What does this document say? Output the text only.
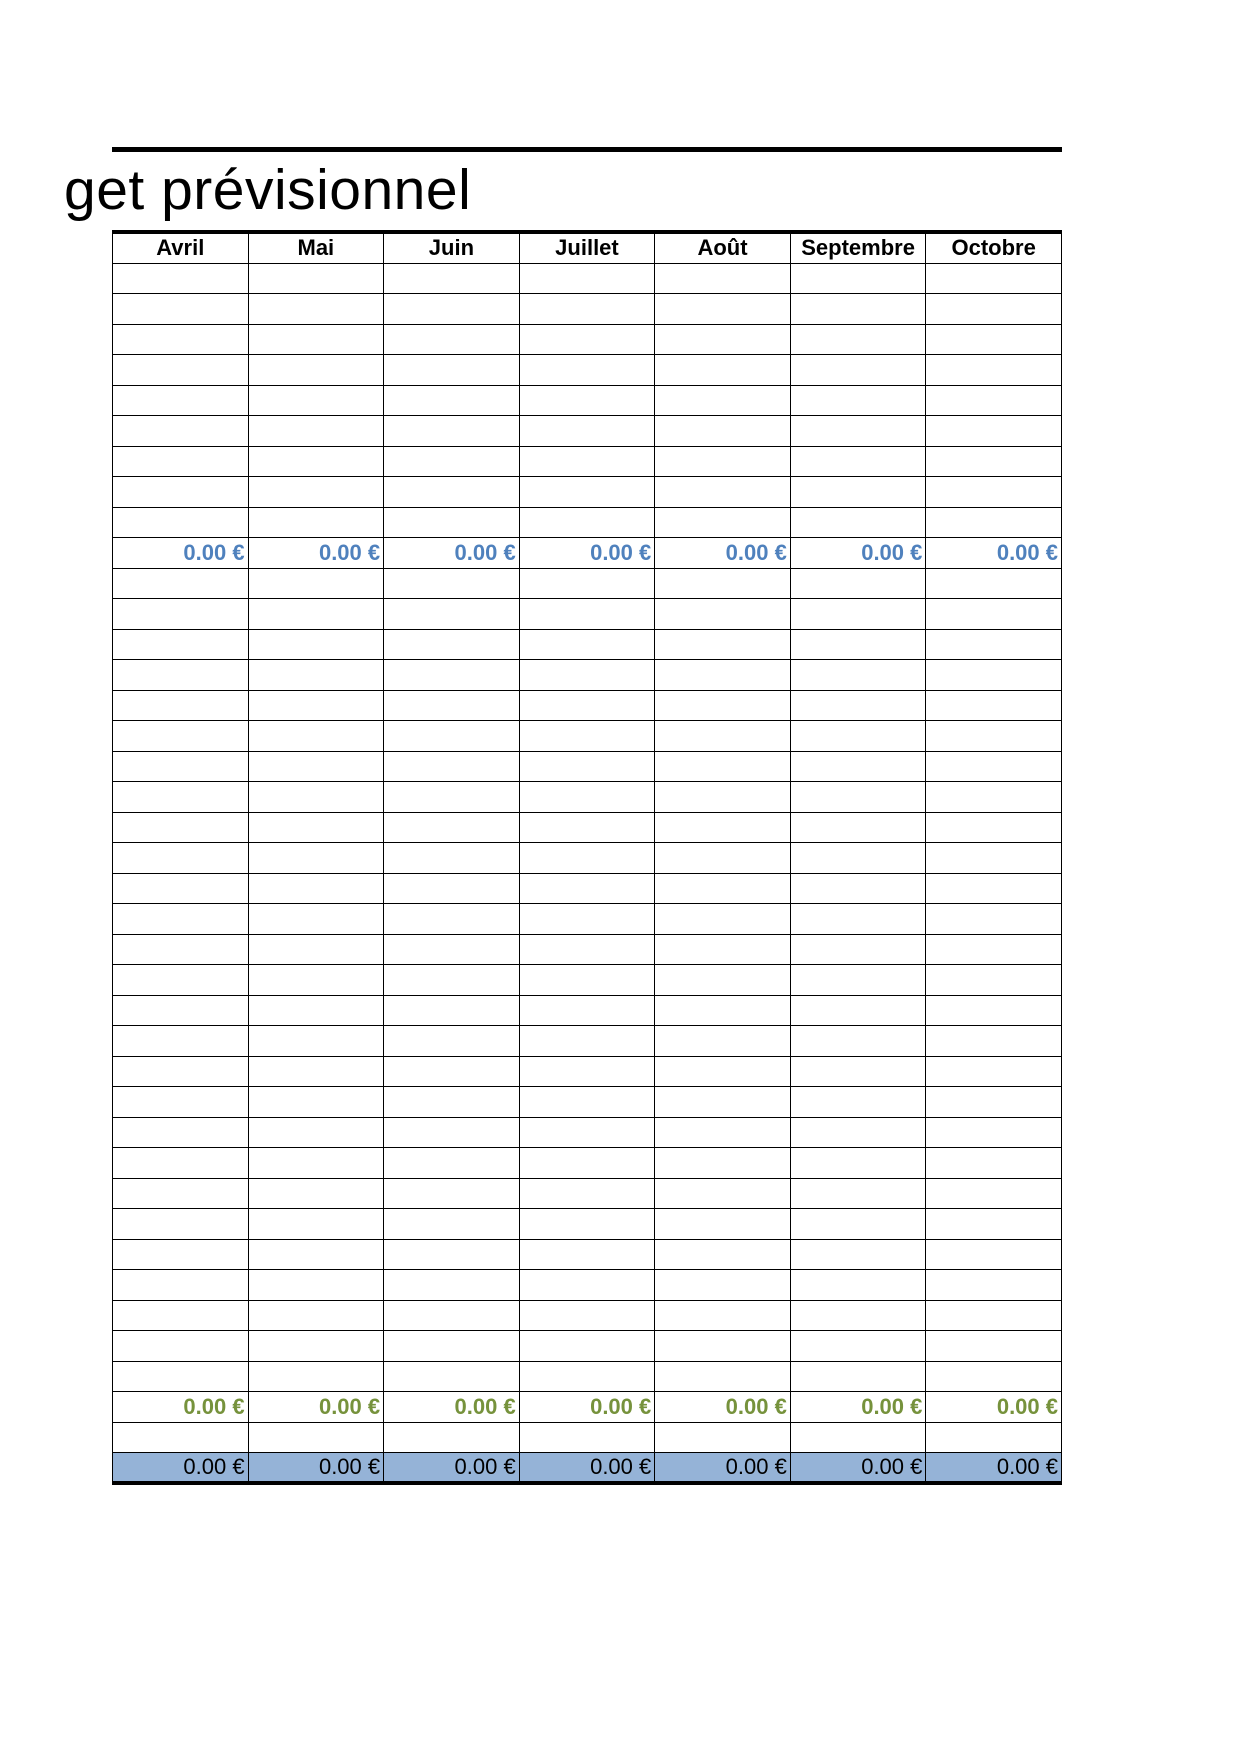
get prévisionnel
Avril	Mai	Juin	Juillet	Août	Septembre	Octobre

0.00 €	0.00 €	0.00 €	0.00 €	0.00 €	0.00 €	0.00 €

0.00 €	0.00 €	0.00 €	0.00 €	0.00 €	0.00 €	0.00 €

0.00 €	0.00 €	0.00 €	0.00 €	0.00 €	0.00 €	0.00 €
